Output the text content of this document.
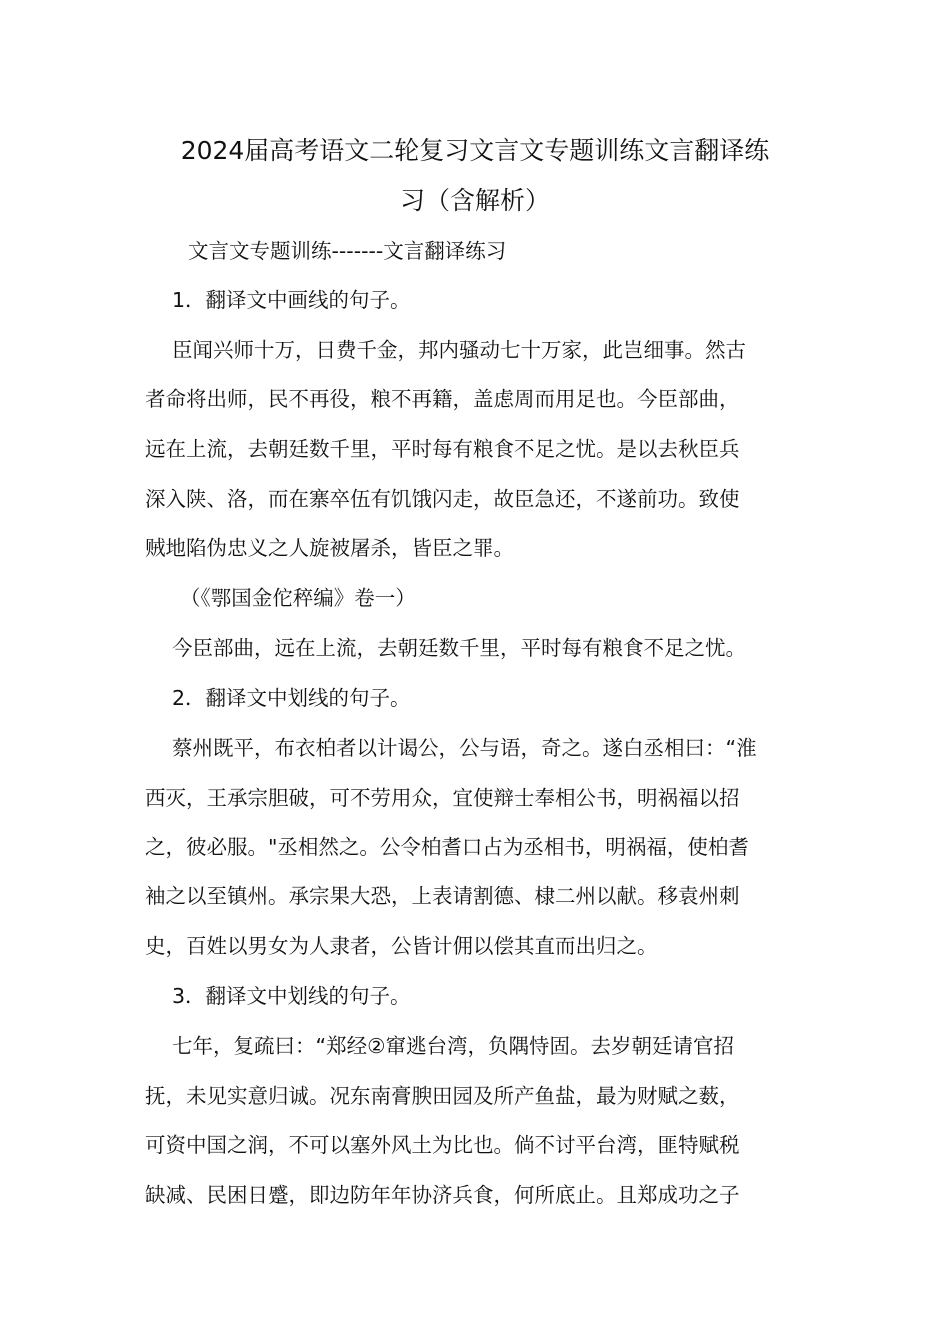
2024届高考语文二轮复习文言文专题训练文言翻译练
习（含解析）
文言文专题训练-------文言翻译练习
1．翻译文中画线的句子。
臣闻兴师十万，日费千金，邦内骚动七十万家，此岂细事。然古
者命将出师，民不再役，粮不再籍，盖虑周而用足也。今臣部曲，
远在上流，去朝廷数千里，平时每有粮食不足之忧。是以去秋臣兵
深入陕、洛，而在寨卒伍有饥饿闪走，故臣急还，不遂前功。致使
贼地陷伪忠义之人旋被屠杀，皆臣之罪。
（《鄂国金佗稡编》卷一）
今臣部曲，远在上流，去朝廷数千里，平时每有粮食不足之忧。
2．翻译文中划线的句子。
蔡州既平，布衣柏者以计谒公，公与语，奇之。遂白丞相曰：“淮
西灭，王承宗胆破，可不劳用众，宜使辩士奉相公书，明祸福以招
之，彼必服。"丞相然之。公令柏耆口占为丞相书，明祸福，使柏耆
袖之以至镇州。承宗果大恐，上表请割德、棣二州以献。移袁州刺
史，百姓以男女为人隶者，公皆计佣以偿其直而出归之。
3．翻译文中划线的句子。
七年，复疏曰：“郑经②窜逃台湾，负隅恃固。去岁朝廷请官招
抚，未见实意归诚。况东南膏腴田园及所产鱼盐，最为财赋之薮，
可资中国之润，不可以塞外风土为比也。倘不讨平台湾，匪特赋税
缺减、民困日蹙，即边防年年协济兵食，何所底止。且郑成功之子
